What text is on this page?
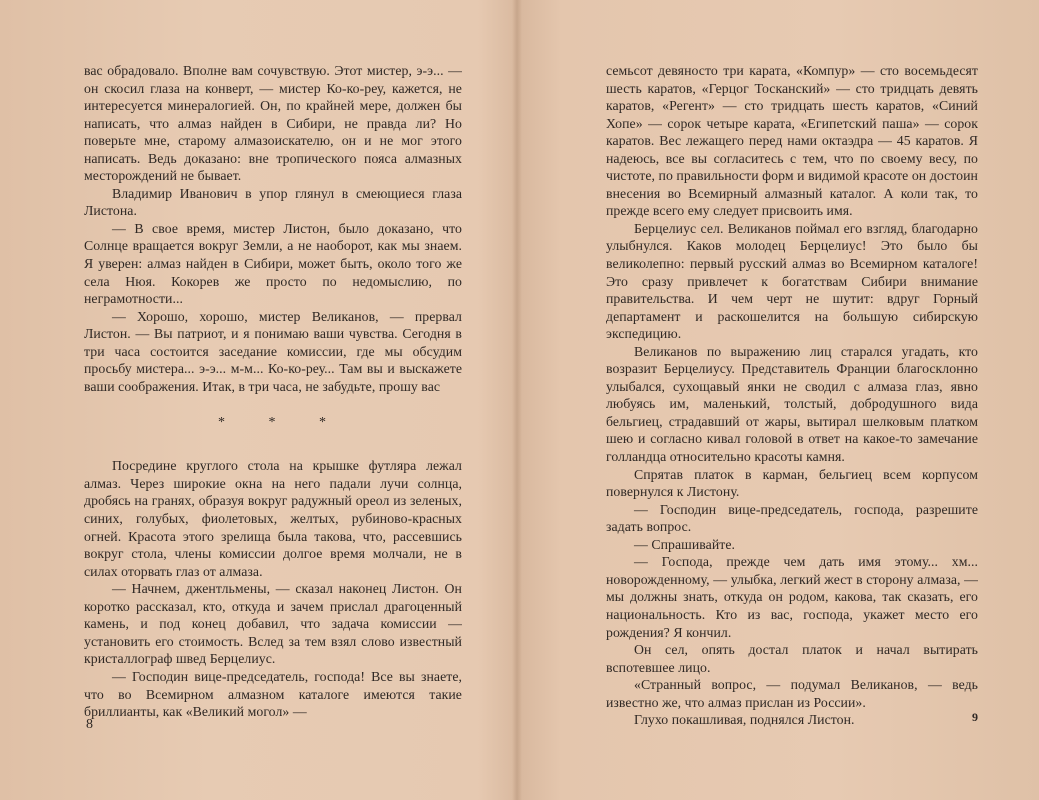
вас обрадовало. Вполне вам сочувствую. Этот мистер, э-э... — он скосил глаза на конверт, — мистер Ко-ко-реу, кажется, не интересуется минералогией. Он, по крайней мере, должен бы написать, что алмаз найден в Сибири, не правда ли? Но поверьте мне, старому алмазоискателю, он и не мог этого написать. Ведь доказано: вне тропического пояса алмазных месторождений не бывает.

Владимир Иванович в упор глянул в смеющиеся глаза Листона.

— В свое время, мистер Листон, было доказано, что Солнце вращается вокруг Земли, а не наоборот, как мы знаем. Я уверен: алмаз найден в Сибири, может быть, около того же села Нюя. Кокорев же просто по недомыслию, по неграмотности...

— Хорошо, хорошо, мистер Великанов, — прервал Листон. — Вы патриот, и я понимаю ваши чувства. Сегодня в три часа состоится заседание комиссии, где мы обсудим просьбу мистера... э-э... м-м... Ко-ко-реу... Там вы и выскажете ваши соображения. Итак, в три часа, не забудьте, прошу вас

* * *

Посредине круглого стола на крышке футляра лежал алмаз. Через широкие окна на него падали лучи солнца, дробясь на гранях, образуя вокруг радужный ореол из зеленых, синих, голубых, фиолетовых, желтых, рубиново-красных огней. Красота этого зрелища была такова, что, рассевшись вокруг стола, члены комиссии долгое время молчали, не в силах оторвать глаз от алмаза.

— Начнем, джентльмены, — сказал наконец Листон. Он коротко рассказал, кто, откуда и зачем прислал драгоценный камень, и под конец добавил, что задача комиссии — установить его стоимость. Вслед за тем взял слово известный кристаллограф швед Берцелиус.

— Господин вице-председатель, господа! Все вы знаете, что во Всемирном алмазном каталоге имеются такие бриллианты, как «Великий могол» —

8

семьсот девяносто три карата, «Компур» — сто восемьдесят шесть каратов, «Герцог Тосканский» — сто тридцать девять каратов, «Регент» — сто тридцать шесть каратов, «Синий Хопе» — сорок четыре карата, «Египетский паша» — сорок каратов. Вес лежащего перед нами октаэдра — 45 каратов. Я надеюсь, все вы согласитесь с тем, что по своему весу, по чистоте, по правильности форм и видимой красоте он достоин внесения во Всемирный алмазный каталог. А коли так, то прежде всего ему следует присвоить имя.

Берцелиус сел. Великанов поймал его взгляд, благодарно улыбнулся. Каков молодец Берцелиус! Это было бы великолепно: первый русский алмаз во Всемирном каталоге! Это сразу привлечет к богатствам Сибири внимание правительства. И чем черт не шутит: вдруг Горный департамент и раскошелится на большую сибирскую экспедицию.

Великанов по выражению лиц старался угадать, кто возразит Берцелиусу. Представитель Франции благосклонно улыбался, сухощавый янки не сводил с алмаза глаз, явно любуясь им, маленький, толстый, добродушного вида бельгиец, страдавший от жары, вытирал шелковым платком шею и согласно кивал головой в ответ на какое-то замечание голландца относительно красоты камня.

Спрятав платок в карман, бельгиец всем корпусом повернулся к Листону.

— Господин вице-председатель, господа, разрешите задать вопрос.

— Спрашивайте.

— Господа, прежде чем дать имя этому... хм... новорожденному, — улыбка, легкий жест в сторону алмаза, — мы должны знать, откуда он родом, какова, так сказать, его национальность. Кто из вас, господа, укажет место его рождения? Я кончил.

Он сел, опять достал платок и начал вытирать вспотевшее лицо.

«Странный вопрос, — подумал Великанов, — ведь известно же, что алмаз прислан из России».

Глухо покашливая, поднялся Листон.	9
